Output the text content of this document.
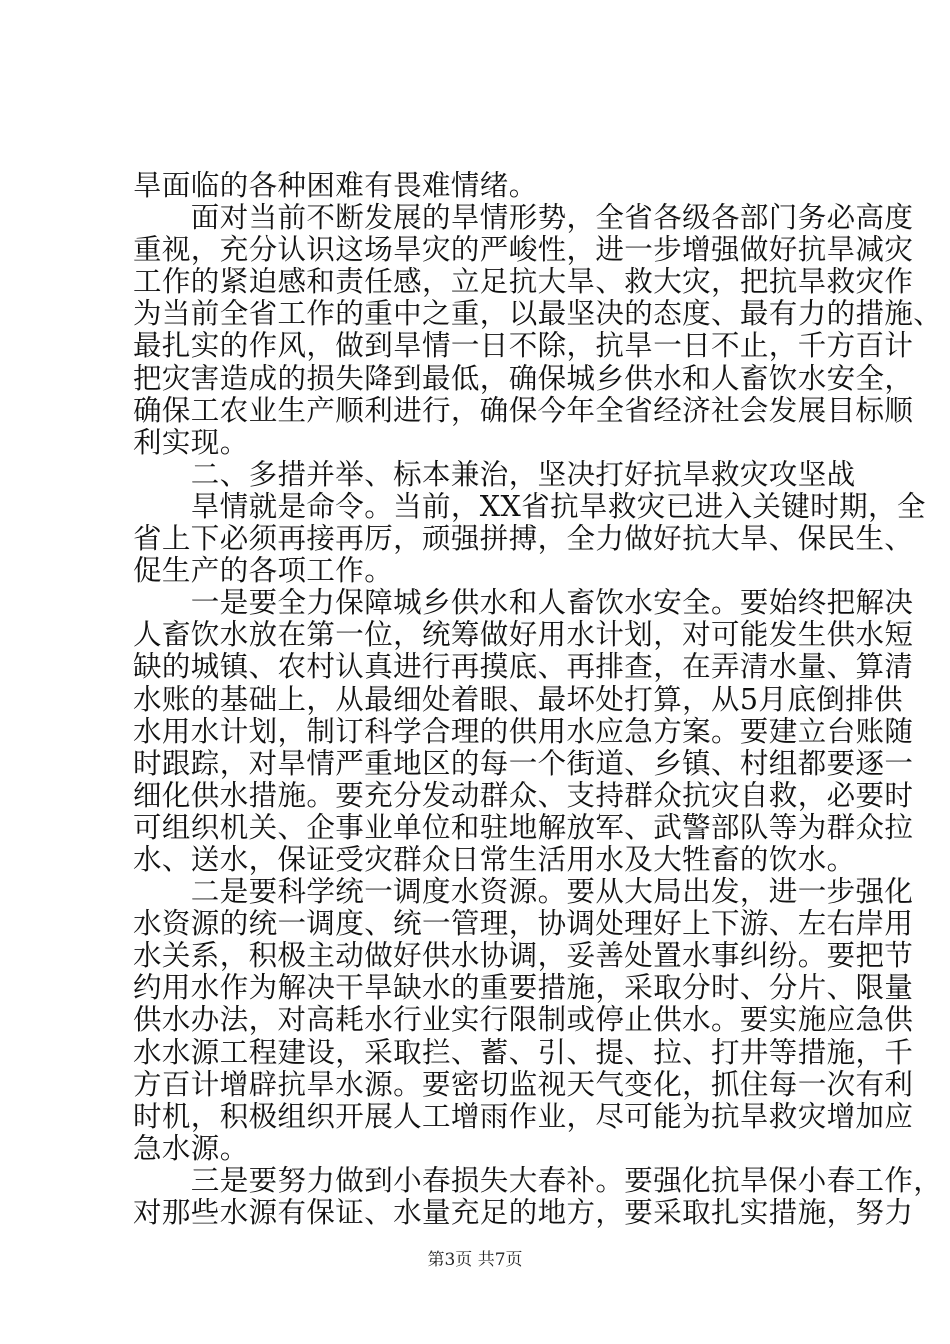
旱面临的各种困难有畏难情绪。
　　面对当前不断发展的旱情形势，全省各级各部门务必高度
重视，充分认识这场旱灾的严峻性，进一步增强做好抗旱减灾
工作的紧迫感和责任感，立足抗大旱、救大灾，把抗旱救灾作
为当前全省工作的重中之重，以最坚决的态度、最有力的措施、
最扎实的作风，做到旱情一日不除，抗旱一日不止，千方百计
把灾害造成的损失降到最低，确保城乡供水和人畜饮水安全，
确保工农业生产顺利进行，确保今年全省经济社会发展目标顺
利实现。
　　二、多措并举、标本兼治，坚决打好抗旱救灾攻坚战
　　旱情就是命令。当前，XX省抗旱救灾已进入关键时期，全
省上下必须再接再厉，顽强拼搏，全力做好抗大旱、保民生、
促生产的各项工作。
　　一是要全力保障城乡供水和人畜饮水安全。要始终把解决
人畜饮水放在第一位，统筹做好用水计划，对可能发生供水短
缺的城镇、农村认真进行再摸底、再排查，在弄清水量、算清
水账的基础上，从最细处着眼、最坏处打算，从5月底倒排供
水用水计划，制订科学合理的供用水应急方案。要建立台账随
时跟踪，对旱情严重地区的每一个街道、乡镇、村组都要逐一
细化供水措施。要充分发动群众、支持群众抗灾自救，必要时
可组织机关、企事业单位和驻地解放军、武警部队等为群众拉
水、送水，保证受灾群众日常生活用水及大牲畜的饮水。
　　二是要科学统一调度水资源。要从大局出发，进一步强化
水资源的统一调度、统一管理，协调处理好上下游、左右岸用
水关系，积极主动做好供水协调，妥善处置水事纠纷。要把节
约用水作为解决干旱缺水的重要措施，采取分时、分片、限量
供水办法，对高耗水行业实行限制或停止供水。要实施应急供
水水源工程建设，采取拦、蓄、引、提、拉、打井等措施，千
方百计增辟抗旱水源。要密切监视天气变化，抓住每一次有利
时机，积极组织开展人工增雨作业，尽可能为抗旱救灾增加应
急水源。
　　三是要努力做到小春损失大春补。要强化抗旱保小春工作，
对那些水源有保证、水量充足的地方，要采取扎实措施，努力
第3页 共7页
